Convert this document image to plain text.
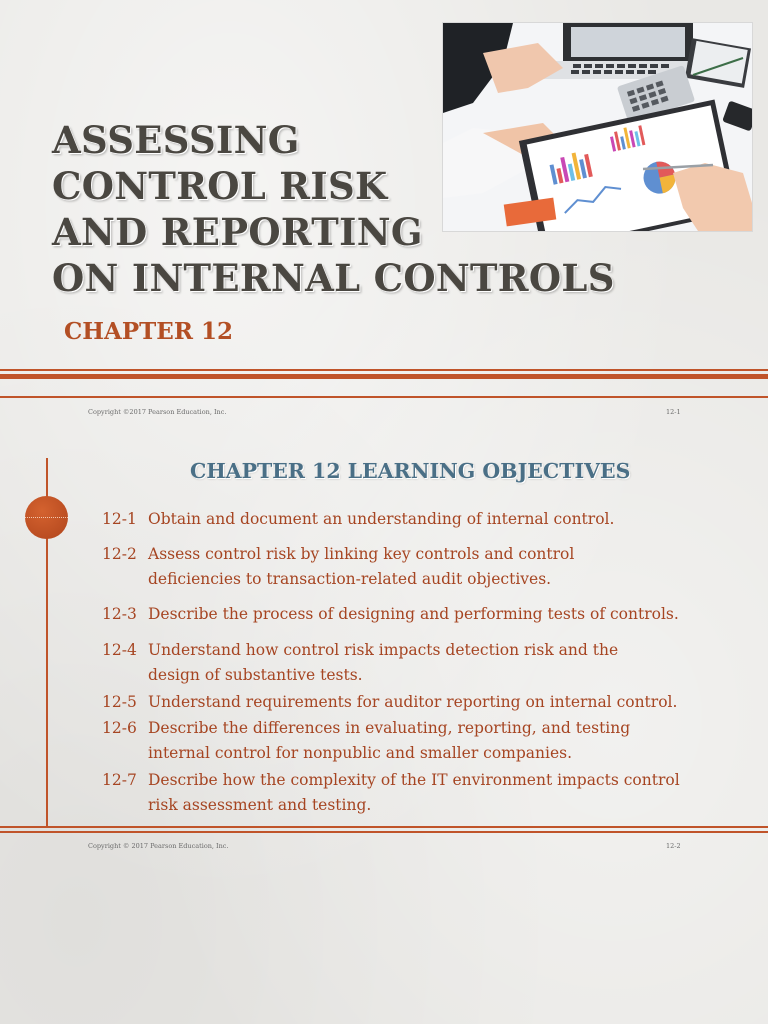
ASSESSING
CONTROL RISK
AND REPORTING
ON INTERNAL CONTROLS
CHAPTER 12
Copyright ©2017 Pearson Education, Inc.	12-1
CHAPTER 12 LEARNING OBJECTIVES
12-1 Obtain and document an understanding of internal control.
12-2 Assess control risk by linking key controls and control deficiencies to transaction-related audit objectives.
12-3 Describe the process of designing and performing tests of controls.
12-4 Understand how control risk impacts detection risk and the design of substantive tests.
12-5 Understand requirements for auditor reporting on internal control.
12-6 Describe the differences in evaluating, reporting, and testing internal control for nonpublic and smaller companies.
12-7 Describe how the complexity of the IT environment impacts control risk assessment and testing.
Copyright © 2017 Pearson Education, Inc.	12-2
